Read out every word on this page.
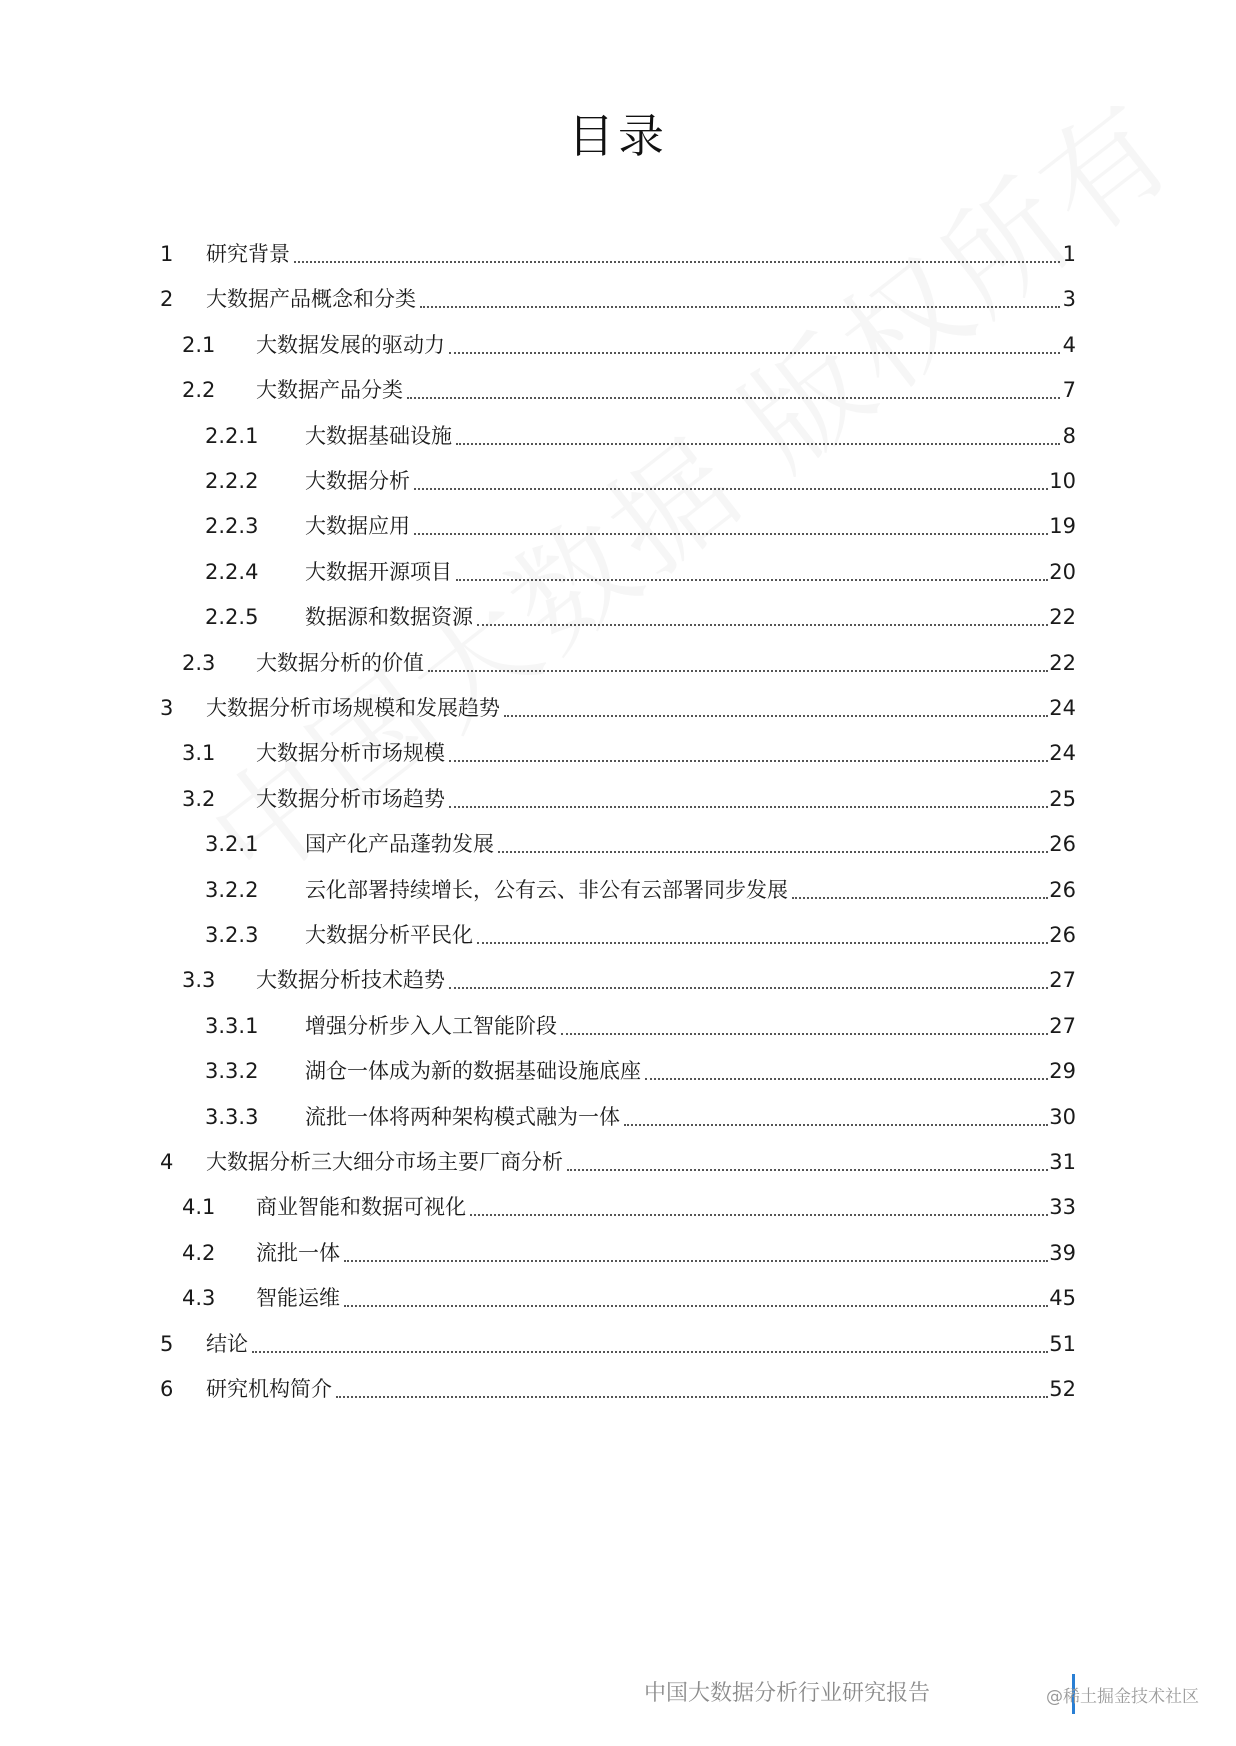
目录
1 研究背景	1
2 大数据产品概念和分类	3
2.1 大数据发展的驱动力	4
2.2 大数据产品分类	7
2.2.1 大数据基础设施	8
2.2.2 大数据分析	10
2.2.3 大数据应用	19
2.2.4 大数据开源项目	20
2.2.5 数据源和数据资源	22
2.3 大数据分析的价值	22
3 大数据分析市场规模和发展趋势	24
3.1 大数据分析市场规模	24
3.2 大数据分析市场趋势	25
3.2.1 国产化产品蓬勃发展	26
3.2.2 云化部署持续增长，公有云、非公有云部署同步发展	26
3.2.3 大数据分析平民化	26
3.3 大数据分析技术趋势	27
3.3.1 增强分析步入人工智能阶段	27
3.3.2 湖仓一体成为新的数据基础设施底座	29
3.3.3 流批一体将两种架构模式融为一体	30
4 大数据分析三大细分市场主要厂商分析	31
4.1 商业智能和数据可视化	33
4.2 流批一体	39
4.3 智能运维	45
5 结论	51
6 研究机构简介	52
中国大数据分析行业研究报告	@稀土掘金技术社区
